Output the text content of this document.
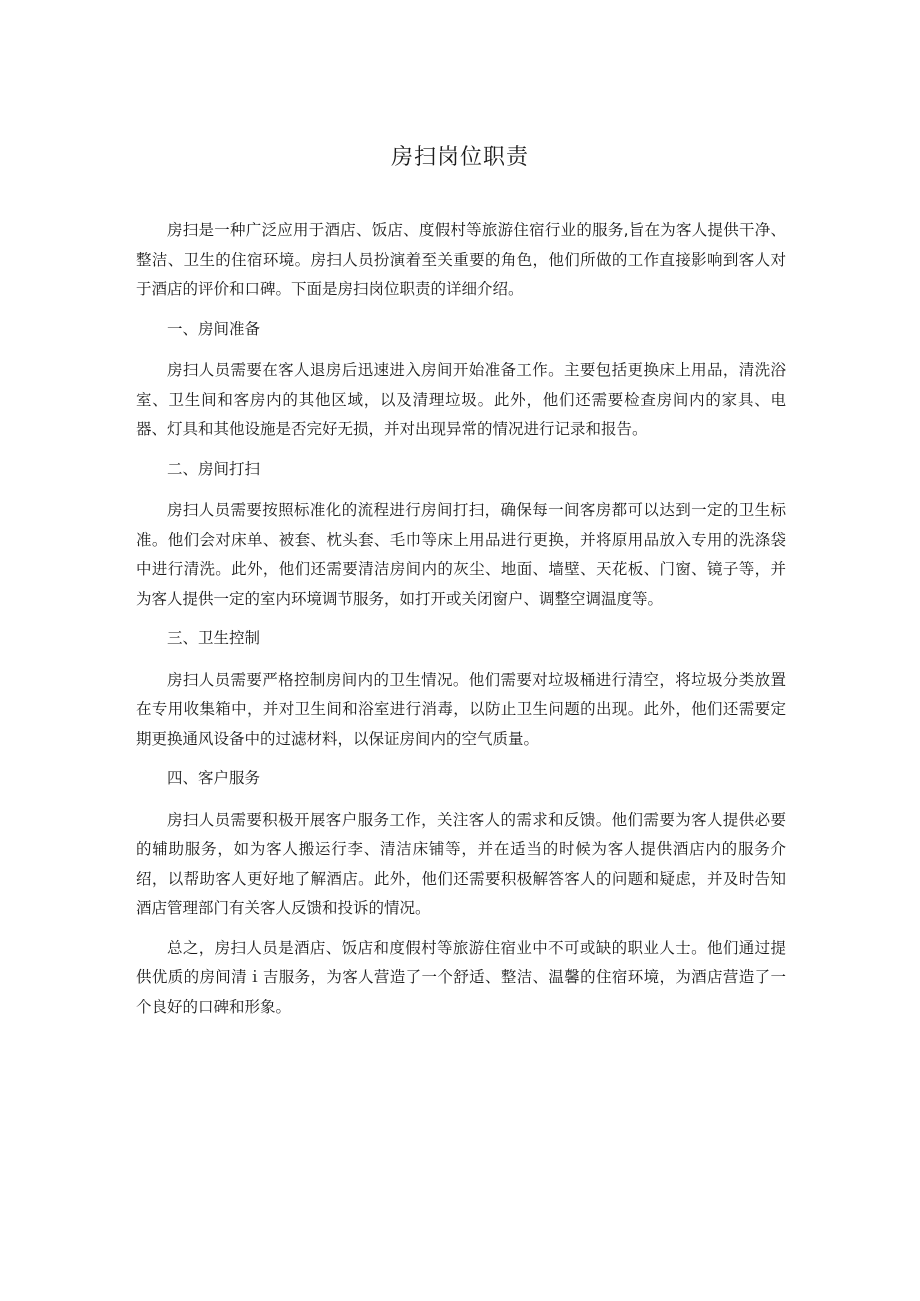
房扫岗位职责

房扫是一种广泛应用于酒店、饭店、度假村等旅游住宿行业的服务,旨在为客人提供干净、整洁、卫生的住宿环境。房扫人员扮演着至关重要的角色，他们所做的工作直接影响到客人对于酒店的评价和口碑。下面是房扫岗位职责的详细介绍。

一、房间准备

房扫人员需要在客人退房后迅速进入房间开始准备工作。主要包括更换床上用品，清洗浴室、卫生间和客房内的其他区域，以及清理垃圾。此外，他们还需要检查房间内的家具、电器、灯具和其他设施是否完好无损，并对出现异常的情况进行记录和报告。

二、房间打扫

房扫人员需要按照标准化的流程进行房间打扫，确保每一间客房都可以达到一定的卫生标准。他们会对床单、被套、枕头套、毛巾等床上用品进行更换，并将原用品放入专用的洗涤袋中进行清洗。此外，他们还需要清洁房间内的灰尘、地面、墙壁、天花板、门窗、镜子等，并为客人提供一定的室内环境调节服务，如打开或关闭窗户、调整空调温度等。

三、卫生控制

房扫人员需要严格控制房间内的卫生情况。他们需要对垃圾桶进行清空，将垃圾分类放置在专用收集箱中，并对卫生间和浴室进行消毒，以防止卫生问题的出现。此外，他们还需要定期更换通风设备中的过滤材料，以保证房间内的空气质量。

四、客户服务

房扫人员需要积极开展客户服务工作，关注客人的需求和反馈。他们需要为客人提供必要的辅助服务，如为客人搬运行李、清洁床铺等，并在适当的时候为客人提供酒店内的服务介绍，以帮助客人更好地了解酒店。此外，他们还需要积极解答客人的问题和疑虑，并及时告知酒店管理部门有关客人反馈和投诉的情况。

总之，房扫人员是酒店、饭店和度假村等旅游住宿业中不可或缺的职业人士。他们通过提供优质的房间清ｉ吉服务，为客人营造了一个舒适、整洁、温馨的住宿环境，为酒店营造了一个良好的口碑和形象。
